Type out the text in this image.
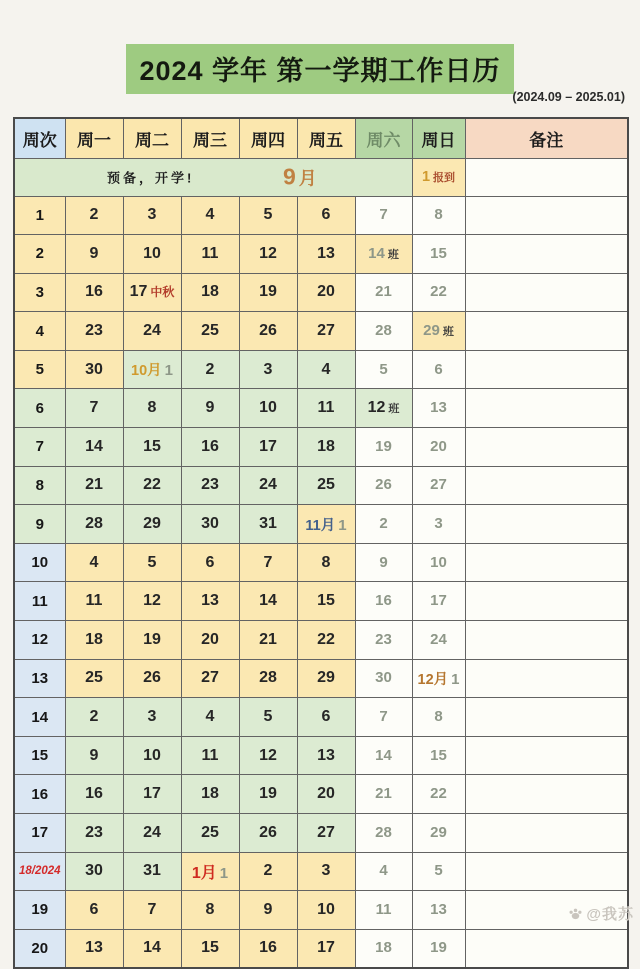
2024 学年 第一学期工作日历
(2024.09 – 2025.01)
周次	周一	周二	周三	周四	周五	周六	周日	备注

预备，开学! 9 月							1 报到	
1	2	3	4	5	6	7	8	
2	9	10	11	12	13	14 班	15	
3	16	17 中秋	18	19	20	21	22	
4	23	24	25	26	27	28	29 班	
5	30	10月 1	2	3	4	5	6	
6	7	8	9	10	11	12 班	13	
7	14	15	16	17	18	19	20	
8	21	22	23	24	25	26	27	
9	28	29	30	31	11月 1	2	3	
10	4	5	6	7	8	9	10	
11	11	12	13	14	15	16	17	
12	18	19	20	21	22	23	24	
13	25	26	27	28	29	30	12月 1	
14	2	3	4	5	6	7	8	
15	9	10	11	12	13	14	15	
16	16	17	18	19	20	21	22	
17	23	24	25	26	27	28	29	
18/2024	30	31	1月 1	2	3	4	5	
19	6	7	8	9	10	11	13	
20	13	14	15	16	17	18	19	
@我苏
